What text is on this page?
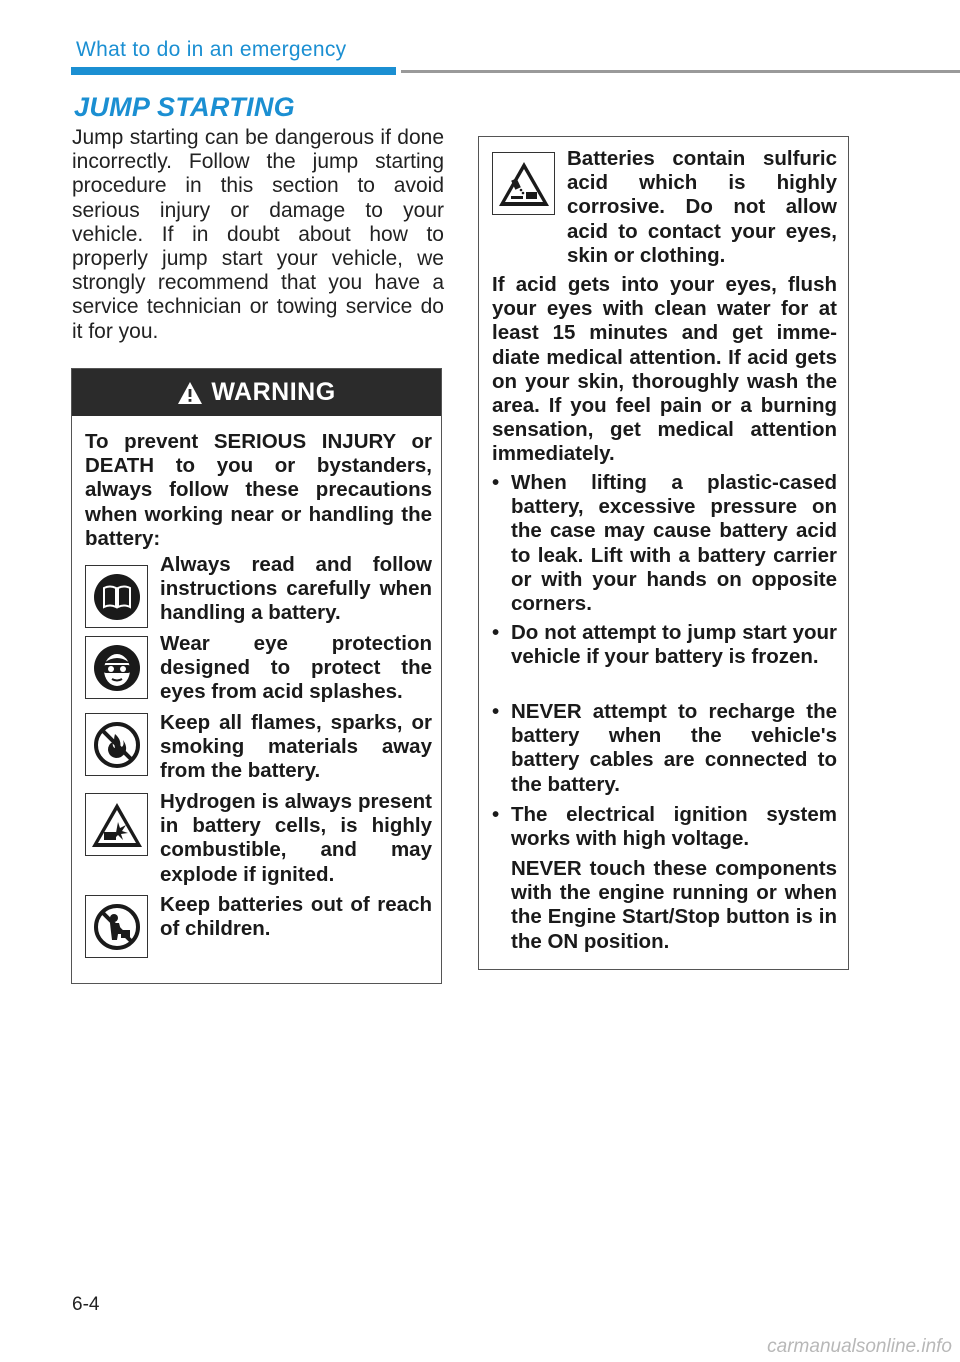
What to do in an emergency
JUMP STARTING
Jump starting can be dangerous if done incorrectly. Follow the jump starting procedure in this section to avoid serious injury or damage to your vehicle. If in doubt about how to properly jump start your vehicle, we strongly recommend that you have a service technician or towing service do it for you.
WARNING
To prevent SERIOUS INJURY or DEATH to you or bystanders, always follow these precautions when working near or handling the battery:
Always read and follow instructions carefully when handling a battery.
Wear eye protection designed to protect the eyes from acid splashes.
Keep all flames, sparks, or smoking materials away from the battery.
Hydrogen is always present in battery cells, is highly combustible, and may explode if ignited.
Keep batteries out of reach of children.
Batteries contain sulfuric acid which is highly corrosive. Do not allow acid to contact your eyes, skin or clothing.
If acid gets into your eyes, flush your eyes with clean water for at least 15 minutes and get immediate medical attention. If acid gets on your skin, thoroughly wash the area. If you feel pain or a burning sensation, get medical attention immediately.
• When lifting a plastic-cased battery, excessive pressure on the case may cause battery acid to leak. Lift with a battery carrier or with your hands on opposite corners.
• Do not attempt to jump start your vehicle if your battery is frozen.
• NEVER attempt to recharge the battery when the vehicle's battery cables are connected to the battery.
• The electrical ignition system works with high voltage.
NEVER touch these components with the engine running or when the Engine Start/Stop button is in the ON position.
6-4
carmanualsonline.info
